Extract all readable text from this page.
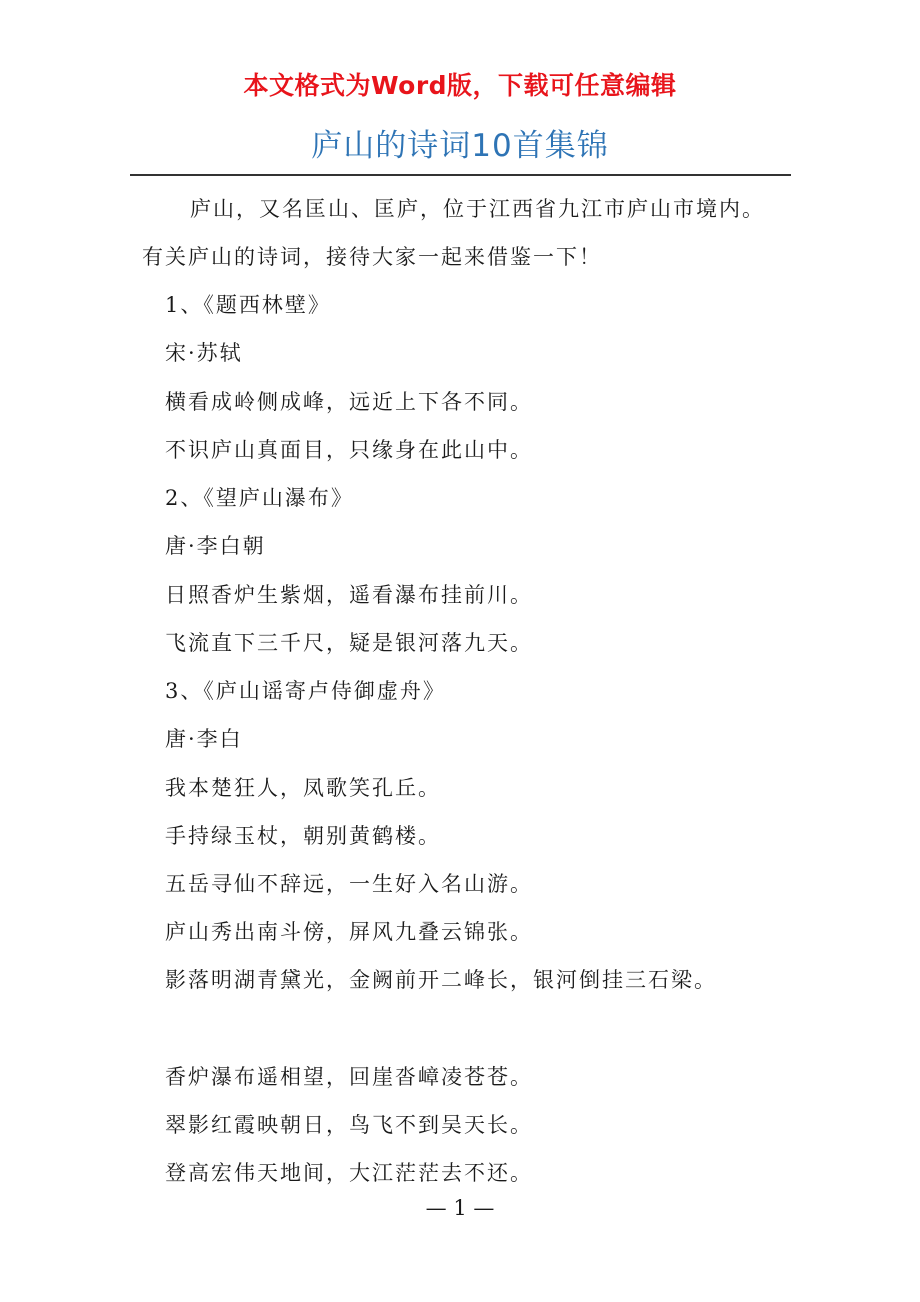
本文格式为Word版，下载可任意编辑
庐山的诗词10首集锦
庐山，又名匡山、匡庐，位于江西省九江市庐山市境内。
有关庐山的诗词，接待大家一起来借鉴一下！
1、《题西林壁》
宋·苏轼
横看成岭侧成峰，远近上下各不同。
不识庐山真面目，只缘身在此山中。
2、《望庐山瀑布》
唐·李白朝
日照香炉生紫烟，遥看瀑布挂前川。
飞流直下三千尺，疑是银河落九天。
3、《庐山谣寄卢侍御虚舟》
唐·李白
我本楚狂人，凤歌笑孔丘。
手持绿玉杖，朝别黄鹤楼。
五岳寻仙不辞远，一生好入名山游。
庐山秀出南斗傍，屏风九叠云锦张。
影落明湖青黛光，金阙前开二峰长，银河倒挂三石梁。
香炉瀑布遥相望，回崖沓嶂凌苍苍。
翠影红霞映朝日，鸟飞不到吴天长。
登高宏伟天地间，大江茫茫去不还。
— 1 —
